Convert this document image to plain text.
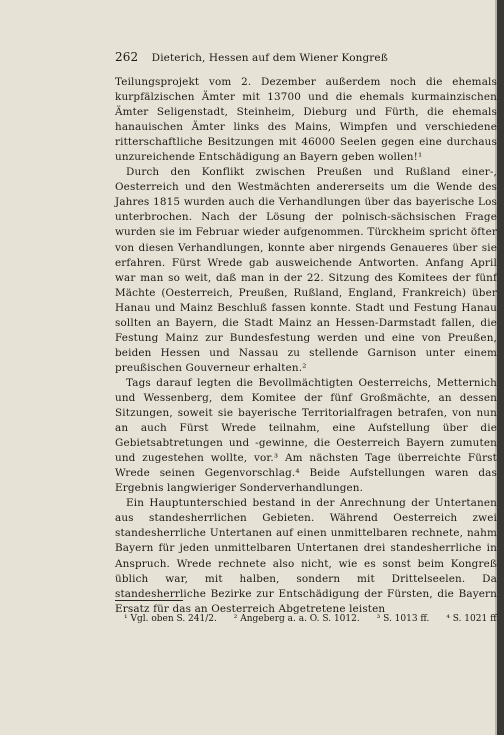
262 Dieterich, Hessen auf dem Wiener Kongreß

Teilungsprojekt vom 2. Dezember außerdem noch die ehemals kurpfälzischen Ämter mit 13700 und die ehemals kurmainzischen Ämter Seligenstadt, Steinheim, Dieburg und Fürth, die ehemals hanauischen Ämter links des Mains, Wimpfen und verschiedene ritterschaftliche Besitzungen mit 46000 Seelen gegen eine durchaus unzureichende Entschädigung an Bayern geben wollen!¹

Durch den Konflikt zwischen Preußen und Rußland einer-, Oesterreich und den Westmächten andererseits um die Wende des Jahres 1815 wurden auch die Verhandlungen über das bayerische Los unterbrochen. Nach der Lösung der polnisch-sächsischen Frage wurden sie im Februar wieder aufgenommen. Türckheim spricht öfter von diesen Verhandlungen, konnte aber nirgends Genaueres über sie erfahren. Fürst Wrede gab ausweichende Antworten. Anfang April war man so weit, daß man in der 22. Sitzung des Komitees der fünf Mächte (Oesterreich, Preußen, Rußland, England, Frankreich) über Hanau und Mainz Beschluß fassen konnte. Stadt und Festung Hanau sollten an Bayern, die Stadt Mainz an Hessen-Darmstadt fallen, die Festung Mainz zur Bundesfestung werden und eine von Preußen, beiden Hessen und Nassau zu stellende Garnison unter einem preußischen Gouverneur erhalten.²

Tags darauf legten die Bevollmächtigten Oesterreichs, Metternich und Wessenberg, dem Komitee der fünf Großmächte, an dessen Sitzungen, soweit sie bayerische Territorialfragen betrafen, von nun an auch Fürst Wrede teilnahm, eine Aufstellung über die Gebietsabtretungen und -gewinne, die Oesterreich Bayern zumuten und zugestehen wollte, vor.³ Am nächsten Tage überreichte Fürst Wrede seinen Gegenvorschlag.⁴ Beide Aufstellungen waren das Ergebnis langwieriger Sonderverhandlungen.

Ein Hauptunterschied bestand in der Anrechnung der Untertanen aus standesherrlichen Gebieten. Während Oesterreich zwei standesherrliche Untertanen auf einen unmittelbaren rechnete, nahm Bayern für jeden unmittelbaren Untertanen drei standesherrliche in Anspruch. Wrede rechnete also nicht, wie es sonst beim Kongreß üblich war, mit halben, sondern mit Drittelseelen. Da standesherrliche Bezirke zur Entschädigung der Fürsten, die Bayern Ersatz für das an Oesterreich Abgetretene leisten

¹ Vgl. oben S. 241/2. ² Angeberg a. a. O. S. 1012. ³ S. 1013 ff. ⁴ S. 1021 ff.
